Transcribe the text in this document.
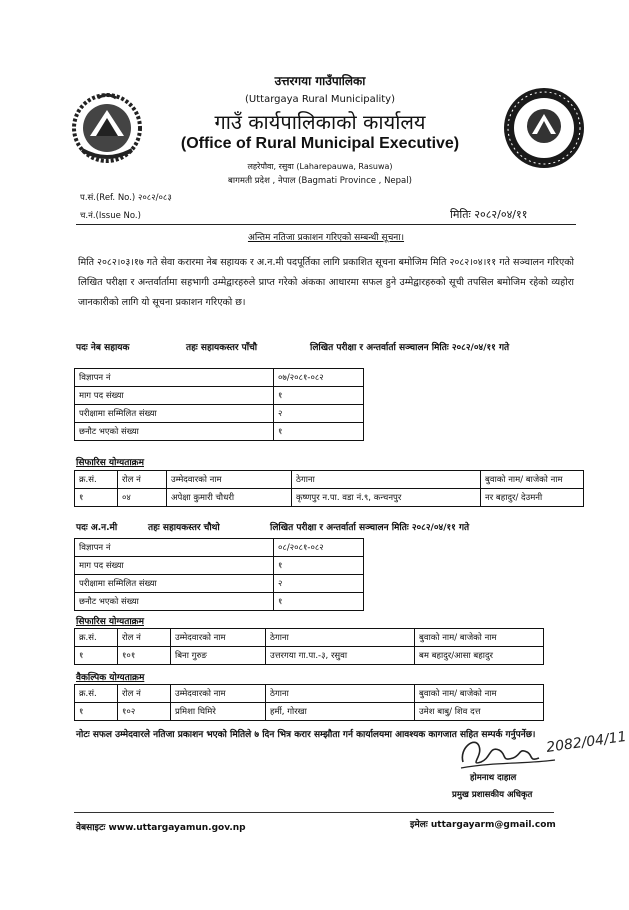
उत्तरगया गाउँपालिका
(Uttargaya Rural Municipality)
गाउँ कार्यपालिकाको कार्यालय
(Office of Rural Municipal Executive)
लहरेपौवा, रसुवा (Laharepauwa, Rasuwa)
बागमती प्रदेश , नेपाल (Bagmati Province , Nepal)
प.सं.(Ref. No.) २०८२/०८३
च.नं.(Issue No.)	मितिः २०८२/०४/११
अन्तिम नतिजा प्रकाशन गरिएको सम्बन्धी सूचना।
मिति २०८२।०३।१७ गते सेवा करारमा नेब सहायक र अ.न.मी पदपूर्तिका लागि प्रकाशित सूचना बमोजिम मिति २०८२।०४।११ गते सञ्चालन गरिएको लिखित परीक्षा र अन्तर्वार्तामा सहभागी उम्मेद्वारहरुले प्राप्त गरेको अंकका आधारमा सफल हुने उम्मेद्वारहरुको सूची तपसिल बमोजिम रहेको व्यहोरा जानकारीको लागि यो सूचना प्रकाशन गरिएको छ।
पदः नेब सहायक	तहः सहायकस्तर पाँचौ	लिखित परीक्षा र अन्तर्वार्ता सञ्चालन मितिः २०८२/०४/११ गते
विज्ञापन नं	०७/२०८१-०८२
माग पद संख्या	१
परीक्षामा सम्मिलित संख्या	२
छनौट भएको संख्या	१
सिफारिस योग्यताक्रम
क्र.सं.	रोल नं	उम्मेदवारको नाम	ठेगाना	बुवाको नाम/ बाजेको नाम
१	०४	अपेक्षा कुमारी चौधरी	कृष्णपुर न.पा. वडा नं.९, कन्चनपुर	नर बहादुर/ देउमनी
पदः अ.न.मी	तहः सहायकस्तर चौथो	लिखित परीक्षा र अन्तर्वार्ता सञ्चालन मितिः २०८२/०४/११ गते
विज्ञापन नं	०८/२०८१-०८२
माग पद संख्या	१
परीक्षामा सम्मिलित संख्या	२
छनौट भएको संख्या	१
सिफारिस योग्यताक्रम
क्र.सं.	रोल नं	उम्मेदवारको नाम	ठेगाना	बुवाको नाम/ बाजेको नाम
१	१०१	बिना गुरुङ	उत्तरगया गा.पा.-३, रसुवा	बम बहादुर/आसा बहादुर
वैकल्पिक योग्यताक्रम
क्र.सं.	रोल नं	उम्मेदवारको नाम	ठेगाना	बुवाको नाम/ बाजेको नाम
१	१०२	प्रमिशा घिमिरे	हर्मी, गोरखा	उमेश बाबु/ शिव दत्त
नोटः सफल उम्मेदवारले नतिजा प्रकाशन भएको मितिले ७ दिन भित्र करार सम्झौता गर्न कार्यालयमा आवश्यक कागजात सहित सम्पर्क गर्नुपर्नेछ। 2082/04/11
होमनाथ दाहाल
प्रमुख प्रशासकीय अधिकृत
वेबसाइटः www.uttargayamun.gov.np	इमेलः uttargayarm@gmail.com
